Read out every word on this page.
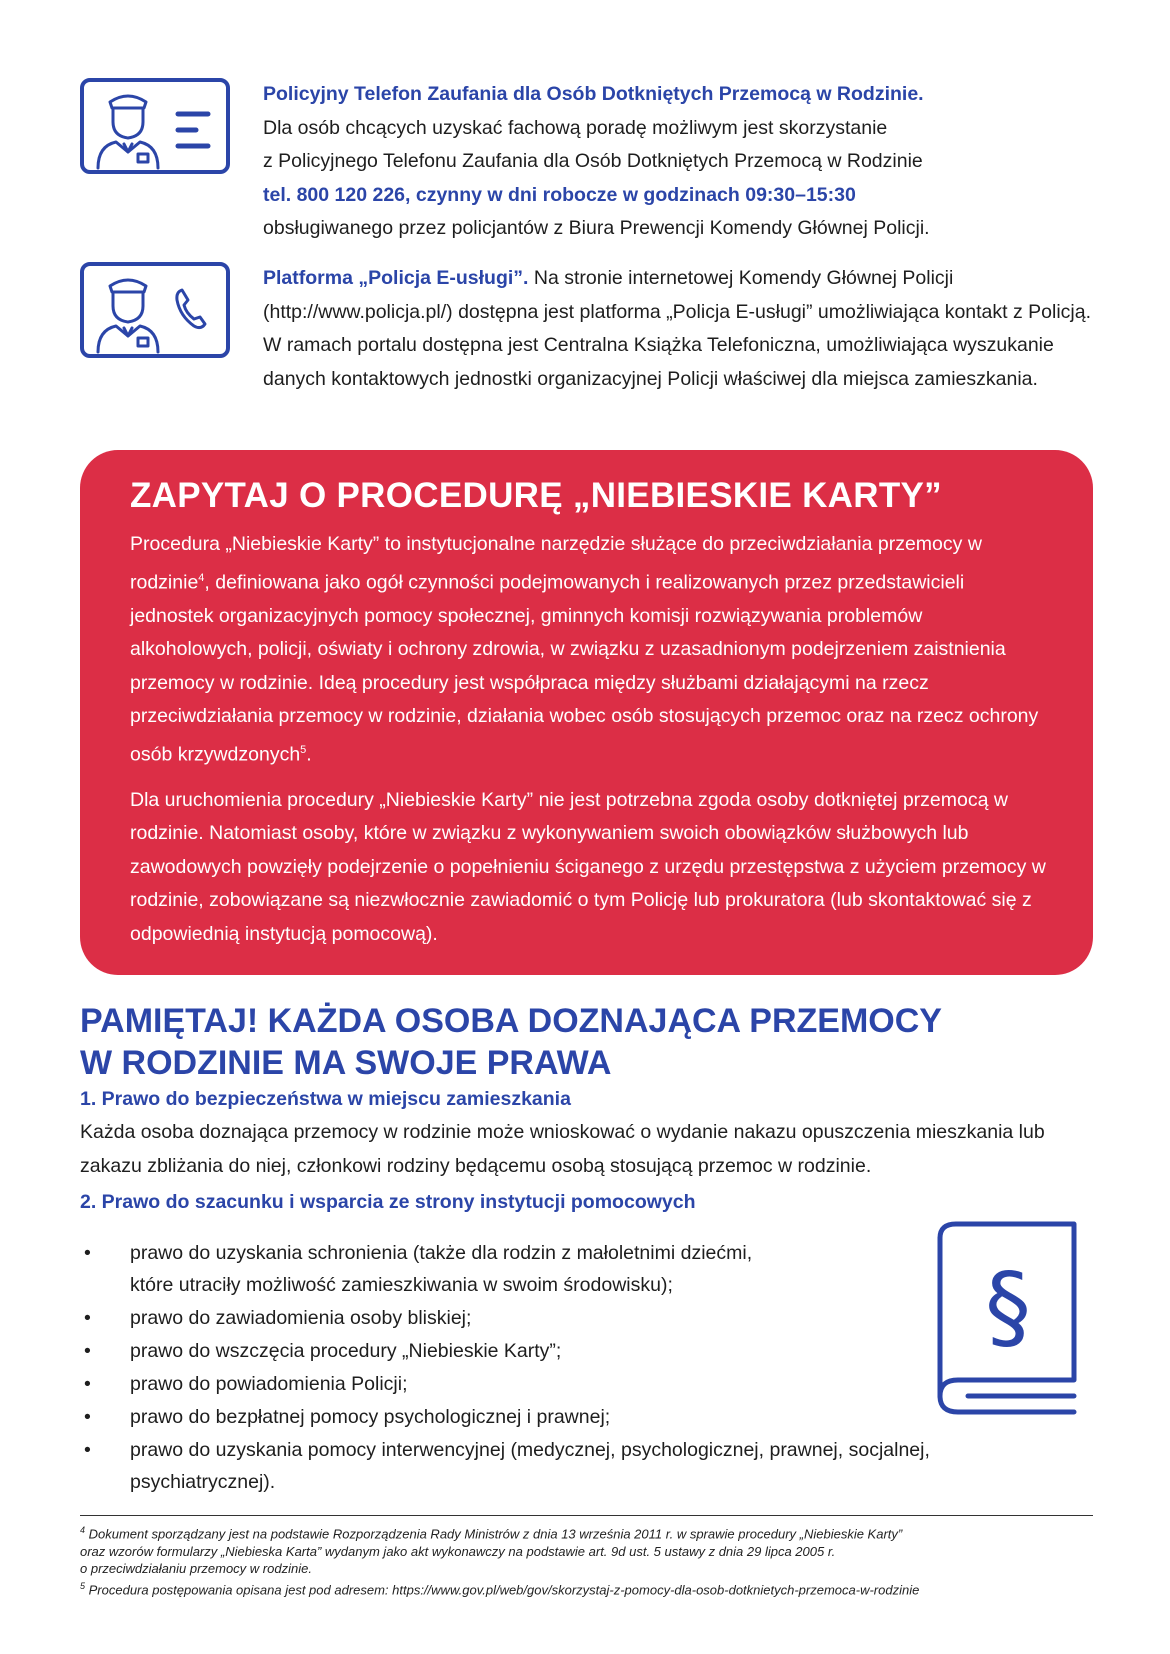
Policyjny Telefon Zaufania dla Osób Dotkniętych Przemocą w Rodzinie.
Dla osób chcących uzyskać fachową poradę możliwym jest skorzystanie
z Policyjnego Telefonu Zaufania dla Osób Dotkniętych Przemocą w Rodzinie
tel. 800 120 226, czynny w dni robocze w godzinach 09:30–15:30
obsługiwanego przez policjantów z Biura Prewencji Komendy Głównej Policji.
Platforma „Policja E-usługi”. Na stronie internetowej Komendy Głównej Policji (http://www.policja.pl/) dostępna jest platforma „Policja E-usługi” umożliwiająca kontakt z Policją. W ramach portalu dostępna jest Centralna Książka Telefoniczna, umożliwiająca wyszukanie danych kontaktowych jednostki organizacyjnej Policji właściwej dla miejsca zamieszkania.
ZAPYTAJ O PROCEDURĘ „NIEBIESKIE KARTY”

Procedura „Niebieskie Karty” to instytucjonalne narzędzie służące do przeciwdziałania przemocy w rodzinie$^4$, definiowana jako ogół czynności podejmowanych i realizowanych przez przedstawicieli jednostek organizacyjnych pomocy społecznej, gminnych komisji rozwiązywania problemów alkoholowych, policji, oświaty i ochrony zdrowia, w związku z uzasadnionym podejrzeniem zaistnienia przemocy w rodzinie. Ideą procedury jest współpraca między służbami działającymi na rzecz przeciwdziałania przemocy w rodzinie, działania wobec osób stosujących przemoc oraz na rzecz ochrony osób krzywdzonych$^5$.

Dla uruchomienia procedury „Niebieskie Karty” nie jest potrzebna zgoda osoby dotkniętej przemocą w rodzinie. Natomiast osoby, które w związku z wykonywaniem swoich obowiązków służbowych lub zawodowych powzięły podejrzenie o popełnieniu ściganego z urzędu przestępstwa z użyciem przemocy w rodzinie, zobowiązane są niezwłocznie zawiadomić o tym Policję lub prokuratora (lub skontaktować się z odpowiednią instytucją pomocową).

PAMIĘTAJ! KAŻDA OSOBA DOZNAJĄCA PRZEMOCY
W RODZINIE MA SWOJE PRAWA
1. Prawo do bezpieczeństwa w miejscu zamieszkania
Każda osoba doznająca przemocy w rodzinie może wnioskować o wydanie nakazu opuszczenia mieszkania lub zakazu zbliżania do niej, członkowi rodziny będącemu osobą stosującą przemoc w rodzinie.
2. Prawo do szacunku i wsparcia ze strony instytucji pomocowych
• prawo do uzyskania schronienia (także dla rodzin z małoletnimi dziećmi,
które utraciły możliwość zamieszkiwania w swoim środowisku);
• prawo do zawiadomienia osoby bliskiej;
• prawo do wszczęcia procedury „Niebieskie Karty”;
• prawo do powiadomienia Policji;
• prawo do bezpłatnej pomocy psychologicznej i prawnej;
• prawo do uzyskania pomocy interwencyjnej (medycznej, psychologicznej, prawnej, socjalnej,
psychiatrycznej).
§
$^4$ Dokument sporządzany jest na podstawie Rozporządzenia Rady Ministrów z dnia 13 września 2011 r. w sprawie procedury „Niebieskie Karty”
oraz wzorów formularzy „Niebieska Karta” wydanym jako akt wykonawczy na podstawie art. 9d ust. 5 ustawy z dnia 29 lipca 2005 r.
o przeciwdziałaniu przemocy w rodzinie.
$^5$ Procedura postępowania opisana jest pod adresem: https://www.gov.pl/web/gov/skorzystaj-z-pomocy-dla-osob-dotknietych-przemoca-w-rodzinie
